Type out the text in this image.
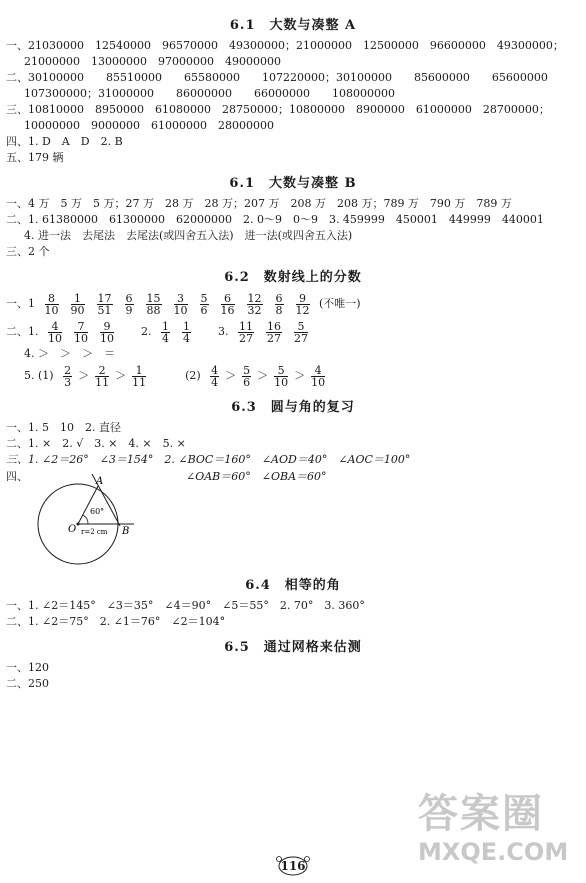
6.1　大数与凑整 A
一、21030000　12540000　96570000　49300000；21000000　12500000　96600000　49300000；
21000000　13000000　97000000　49000000
二、30100000　　85510000　　65580000　　107220000；30100000　　85600000　　65600000
107300000；31000000　　86000000　　66000000　　108000000
三、10810000　8950000　61080000　28750000；10800000　8900000　61000000　28700000；
10000000　9000000　61000000　28000000
四、1. D　A　D　2. B
五、179 辆
6.1　大数与凑整 B
一、4 万　5 万　5 万；27 万　28 万　28 万；207 万　208 万　208 万；789 万　790 万　789 万
二、1. 61380000　61300000　62000000　2. 0～9　0～9　3. 459999　450001　449999　440001
4. 进一法　去尾法　去尾法(或四舍五入法)　进一法(或四舍五入法)
三、2 个
6.2　数射线上的分数
一、$1 \frac{8}{10} \frac{1}{90} \frac{17}{51} \frac{6}{9} \frac{15}{88} \frac{3}{10} \frac{5}{6} \frac{6}{16} \frac{12}{32} \frac{6}{8} \frac{9}{12}$ (不唯一)
二、1. $\frac{4}{10} \frac{7}{10} \frac{9}{10} 2$. $\frac{1}{4} \frac{1}{4} 3$. $\frac{11}{27} \frac{16}{27} \frac{5}{27}$
4. ＞　＞　＞　＝
5. $(1) \frac{2}{3} > \frac{2}{11} > \frac{1}{11}$	$(2) \frac{4}{4} > \frac{5}{6} > \frac{5}{10} > \frac{4}{10}$
6.3　圆与角的复习
一、1. 5　10　2. 直径
二、1. ×　2. √　3. ×　4. ×　5. ×
三、1. ∠2＝26°　∠3＝154°　2. ∠BOC＝160°　∠AOD＝40°　∠AOC＝100°
四、	∠OAB＝60°　∠OBA＝60°
A
B
O
60°
r=2 cm
6.4　相等的角
一、1. ∠2＝145°　∠3＝35°　∠4＝90°　∠5＝55°　2. 70°　3. 360°
二、1. ∠2＝75°　2. ∠1＝76°　∠2＝104°
6.5　通过网格来估测
一、120
二、250
116
答案圈
MXQE.COM
